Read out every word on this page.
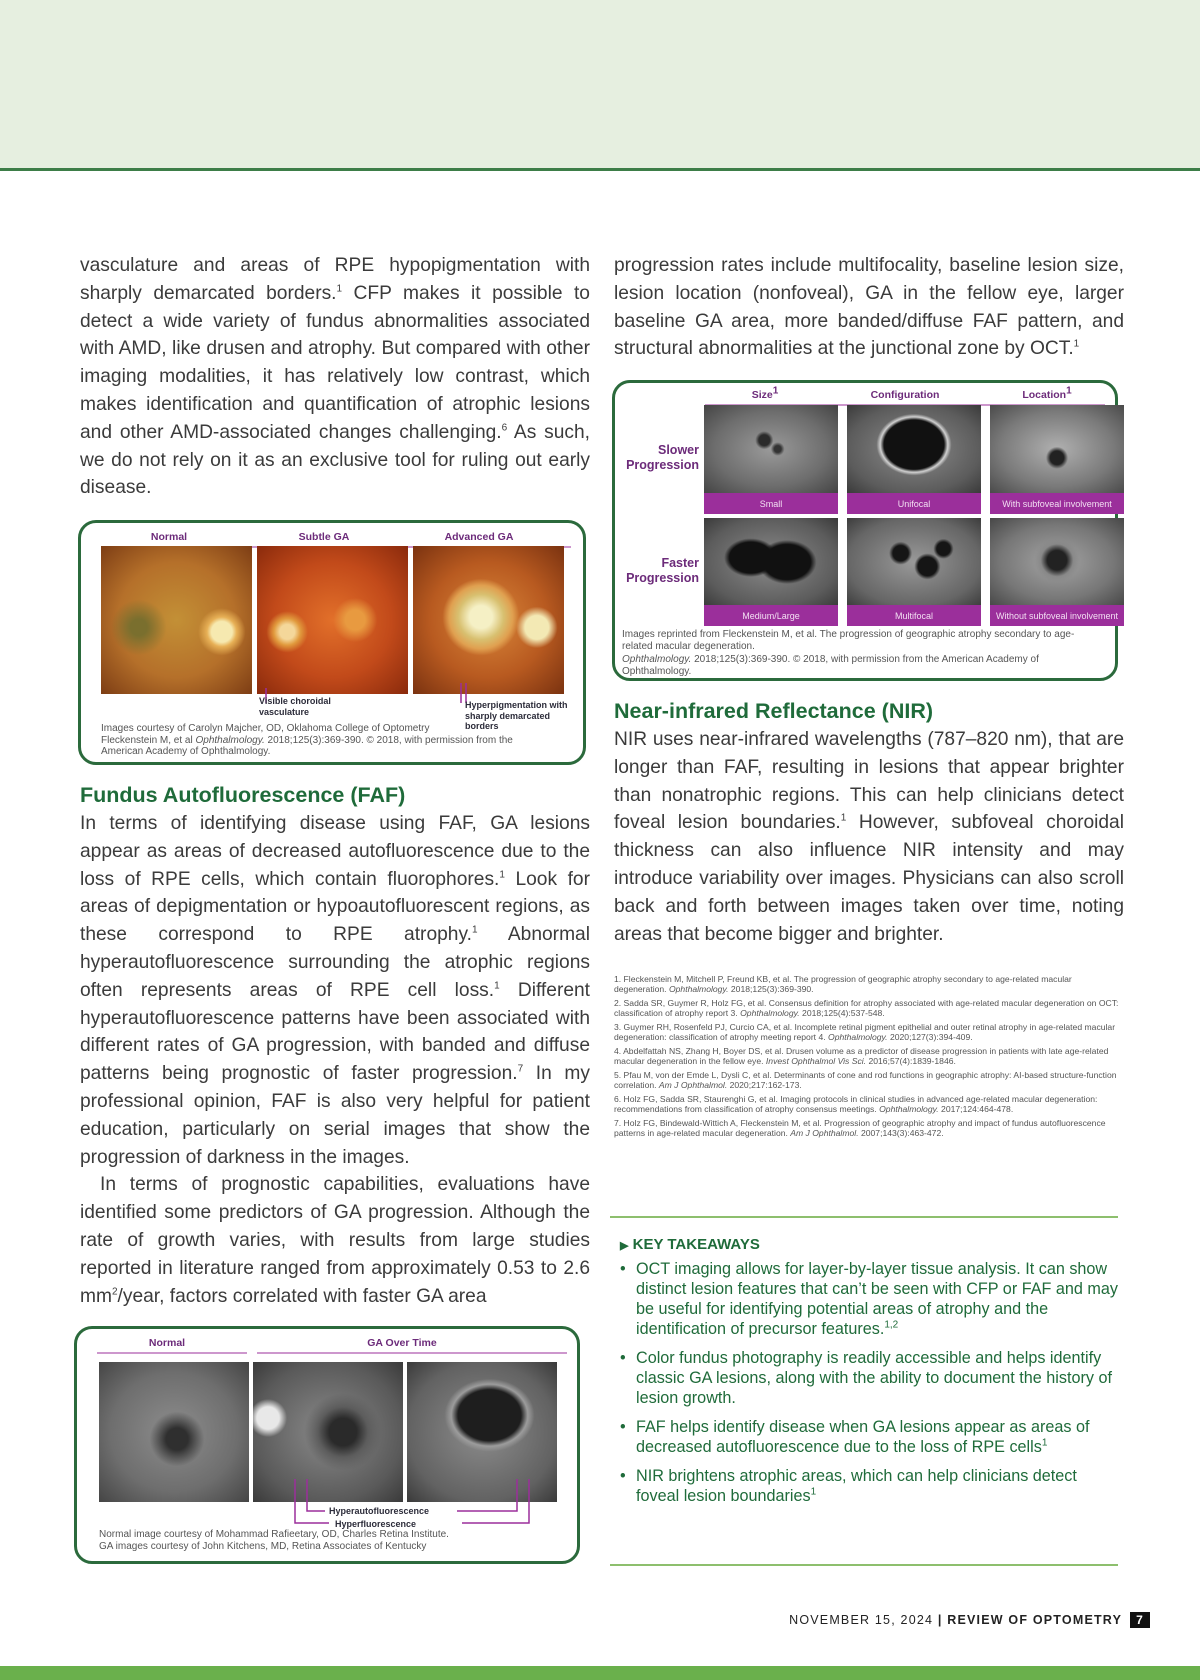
vasculature and areas of RPE hypopigmentation with sharply demarcated borders.$^1$ CFP makes it possible to detect a wide variety of fundus abnormalities associated with AMD, like drusen and atrophy. But compared with other imaging modalities, it has relatively low contrast, which makes identification and quantification of atrophic lesions and other AMD-associated changes challenging.$^6$ As such, we do not rely on it as an exclusive tool for ruling out early disease.

Normal	Subtle GA	Advanced GA
Visible choroidal vasculature
Hyperpigmentation with sharply demarcated borders
Images courtesy of Carolyn Majcher, OD, Oklahoma College of Optometry
Fleckenstein M, et al Ophthalmology. 2018;125(3):369-390. © 2018, with permission from the American Academy of Ophthalmology.
Fundus Autofluorescence (FAF)

In terms of identifying disease using FAF, GA lesions appear as areas of decreased autofluorescence due to the loss of RPE cells, which contain fluorophores.$^1$ Look for areas of depigmentation or hypoautofluorescent regions, as these correspond to RPE atrophy.$^1$ Abnormal hyperautofluorescence surrounding the atrophic regions often represents areas of RPE cell loss.$^1$ Different hyperautofluorescence patterns have been associated with different rates of GA progression, with banded and diffuse patterns being prognostic of faster progression.$^7$ In my professional opinion, FAF is also very helpful for patient education, particularly on serial images that show the progression of darkness in the images.

In terms of prognostic capabilities, evaluations have identified some predictors of GA progression. Although the rate of growth varies, with results from large studies reported in literature ranged from approximately 0.53 to 2.6 $mm^2$/year, factors correlated with faster GA area

Normal	GA Over Time
Hyperautofluorescence
Hyperfluorescence
Normal image courtesy of Mohammad Rafieetary, OD, Charles Retina Institute.
GA images courtesy of John Kitchens, MD, Retina Associates of Kentucky

progression rates include multifocality, baseline lesion size, lesion location (nonfoveal), GA in the fellow eye, larger baseline GA area, more banded/diffuse FAF pattern, and structural abnormalities at the junctional zone by OCT.$^1$

Size$^1$	Configuration	Location$^1$
Slower Progression
Faster Progression
Small	Unifocal	With subfoveal involvement
Medium/Large	Multifocal	Without subfoveal involvement
Images reprinted from Fleckenstein M, et al. The progression of geographic atrophy secondary to age-related macular degeneration.
Ophthalmology. 2018;125(3):369-390. © 2018, with permission from the American Academy of Ophthalmology.
Near-infrared Reflectance (NIR)

NIR uses near-infrared wavelengths (787–820 nm), that are longer than FAF, resulting in lesions that appear brighter than nonatrophic regions. This can help clinicians detect foveal lesion boundaries.$^1$ However, subfoveal choroidal thickness can also influence NIR intensity and may introduce variability over images. Physicians can also scroll back and forth between images taken over time, noting areas that become bigger and brighter.

1. Fleckenstein M, Mitchell P, Freund KB, et al. The progression of geographic atrophy secondary to age-related macular degeneration. Ophthalmology. 2018;125(3):369-390.

2. Sadda SR, Guymer R, Holz FG, et al. Consensus definition for atrophy associated with age-related macular degeneration on OCT: classification of atrophy report 3. Ophthalmology. 2018;125(4):537-548.

3. Guymer RH, Rosenfeld PJ, Curcio CA, et al. Incomplete retinal pigment epithelial and outer retinal atrophy in age-related macular degeneration: classification of atrophy meeting report 4. Ophthalmology. 2020;127(3):394-409.

4. Abdelfattah NS, Zhang H, Boyer DS, et al. Drusen volume as a predictor of disease progression in patients with late age-related macular degeneration in the fellow eye. Invest Ophthalmol Vis Sci. 2016;57(4):1839-1846.

5. Pfau M, von der Emde L, Dysli C, et al. Determinants of cone and rod functions in geographic atrophy: AI-based structure-function correlation. Am J Ophthalmol. 2020;217:162-173.

6. Holz FG, Sadda SR, Staurenghi G, et al. Imaging protocols in clinical studies in advanced age-related macular degeneration: recommendations from classification of atrophy consensus meetings. Ophthalmology. 2017;124:464-478.

7. Holz FG, Bindewald-Wittich A, Fleckenstein M, et al. Progression of geographic atrophy and impact of fundus autofluorescence patterns in age-related macular degeneration. Am J Ophthalmol. 2007;143(3):463-472.

▶ KEY TAKEAWAYS
• OCT imaging allows for layer-by-layer tissue analysis. It can show distinct lesion features that can’t be seen with CFP or FAF and may be useful for identifying potential areas of atrophy and the identification of precursor features.$^{1,2}$
• Color fundus photography is readily accessible and helps identify classic GA lesions, along with the ability to document the history of lesion growth.
• FAF helps identify disease when GA lesions appear as areas of decreased autofluorescence due to the loss of RPE cells$^1$
• NIR brightens atrophic areas, which can help clinicians detect foveal lesion boundaries$^1$
NOVEMBER 15, 2024 | REVIEW OF OPTOMETRY	7
